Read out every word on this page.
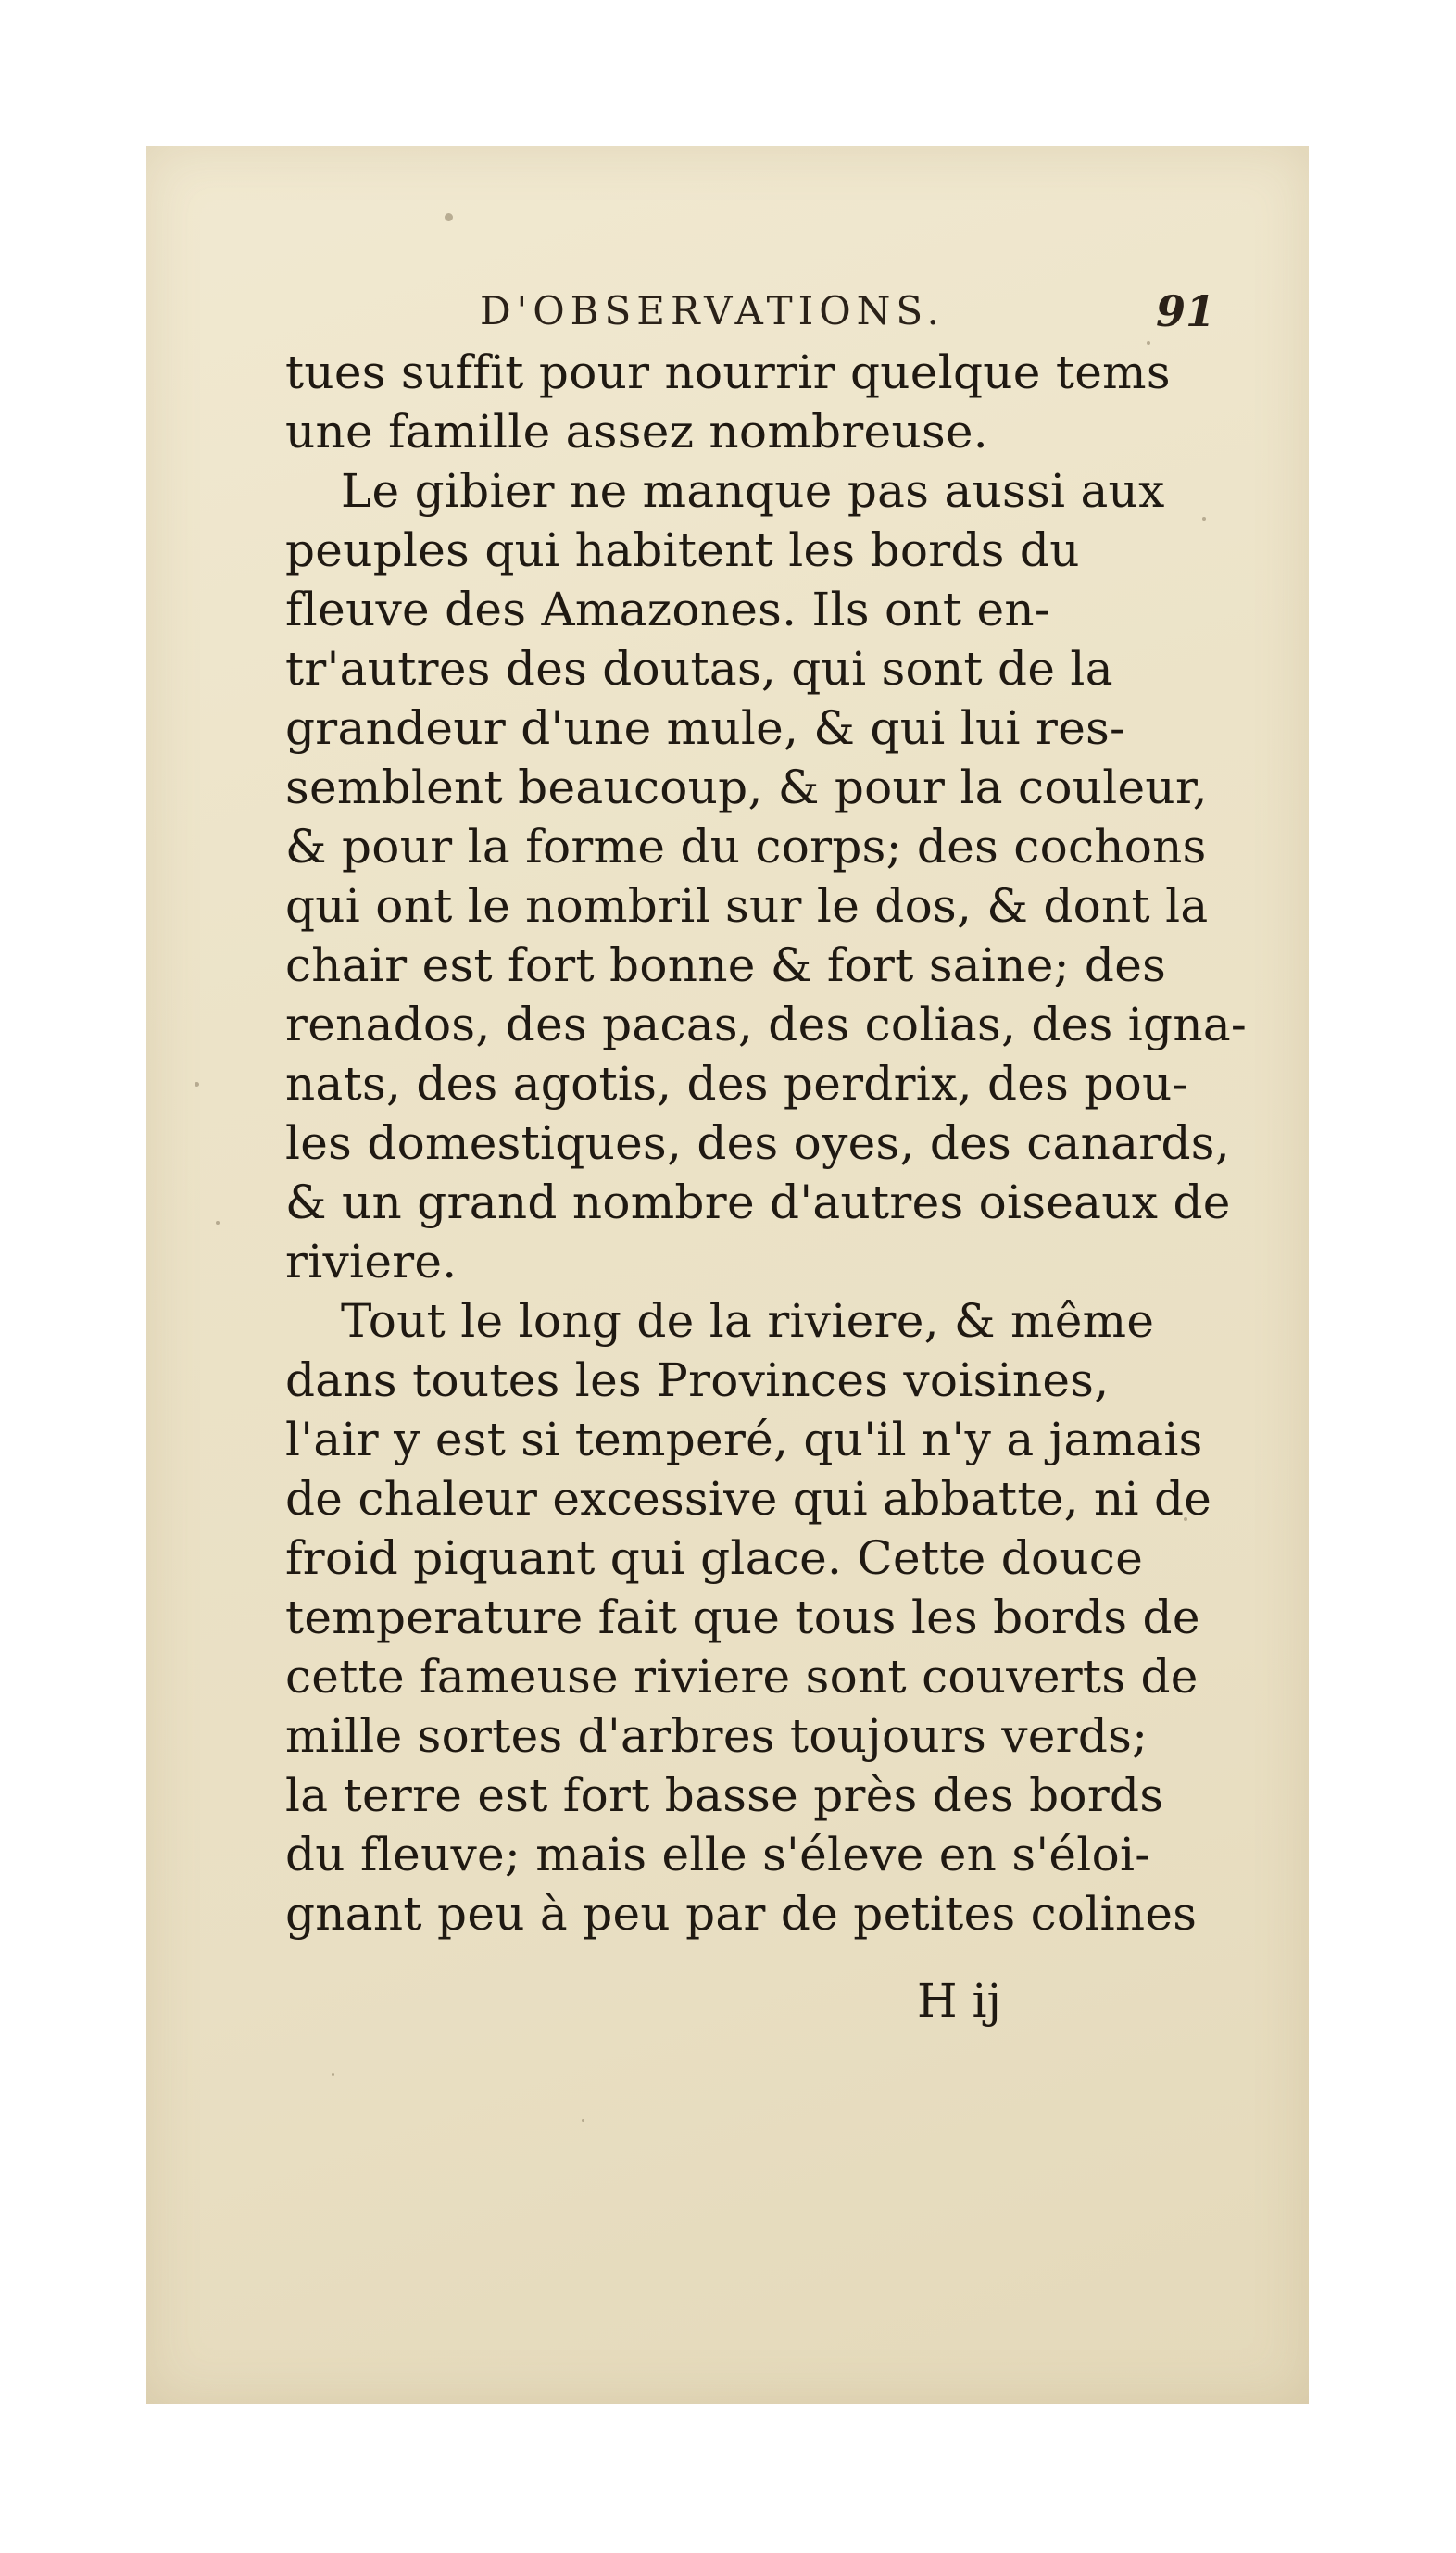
D'OBSERVATIONS.	91
tues suffit pour nourrir quelque tems
une famille assez nombreuse.
Le gibier ne manque pas aussi aux
peuples qui habitent les bords du
fleuve des Amazones. Ils ont en-
tr'autres des doutas, qui sont de la
grandeur d'une mule, & qui lui res-
semblent beaucoup, & pour la couleur,
& pour la forme du corps; des cochons
qui ont le nombril sur le dos, & dont la
chair est fort bonne & fort saine; des
renados, des pacas, des colias, des igna-
nats, des agotis, des perdrix, des pou-
les domestiques, des oyes, des canards,
& un grand nombre d'autres oiseaux de
riviere.
Tout le long de la riviere, & même
dans toutes les Provinces voisines,
l'air y est si temperé, qu'il n'y a jamais
de chaleur excessive qui abbatte, ni de
froid piquant qui glace. Cette douce
temperature fait que tous les bords de
cette fameuse riviere sont couverts de
mille sortes d'arbres toujours verds;
la terre est fort basse près des bords
du fleuve; mais elle s'éleve en s'éloi-
gnant peu à peu par de petites colines
H ij
